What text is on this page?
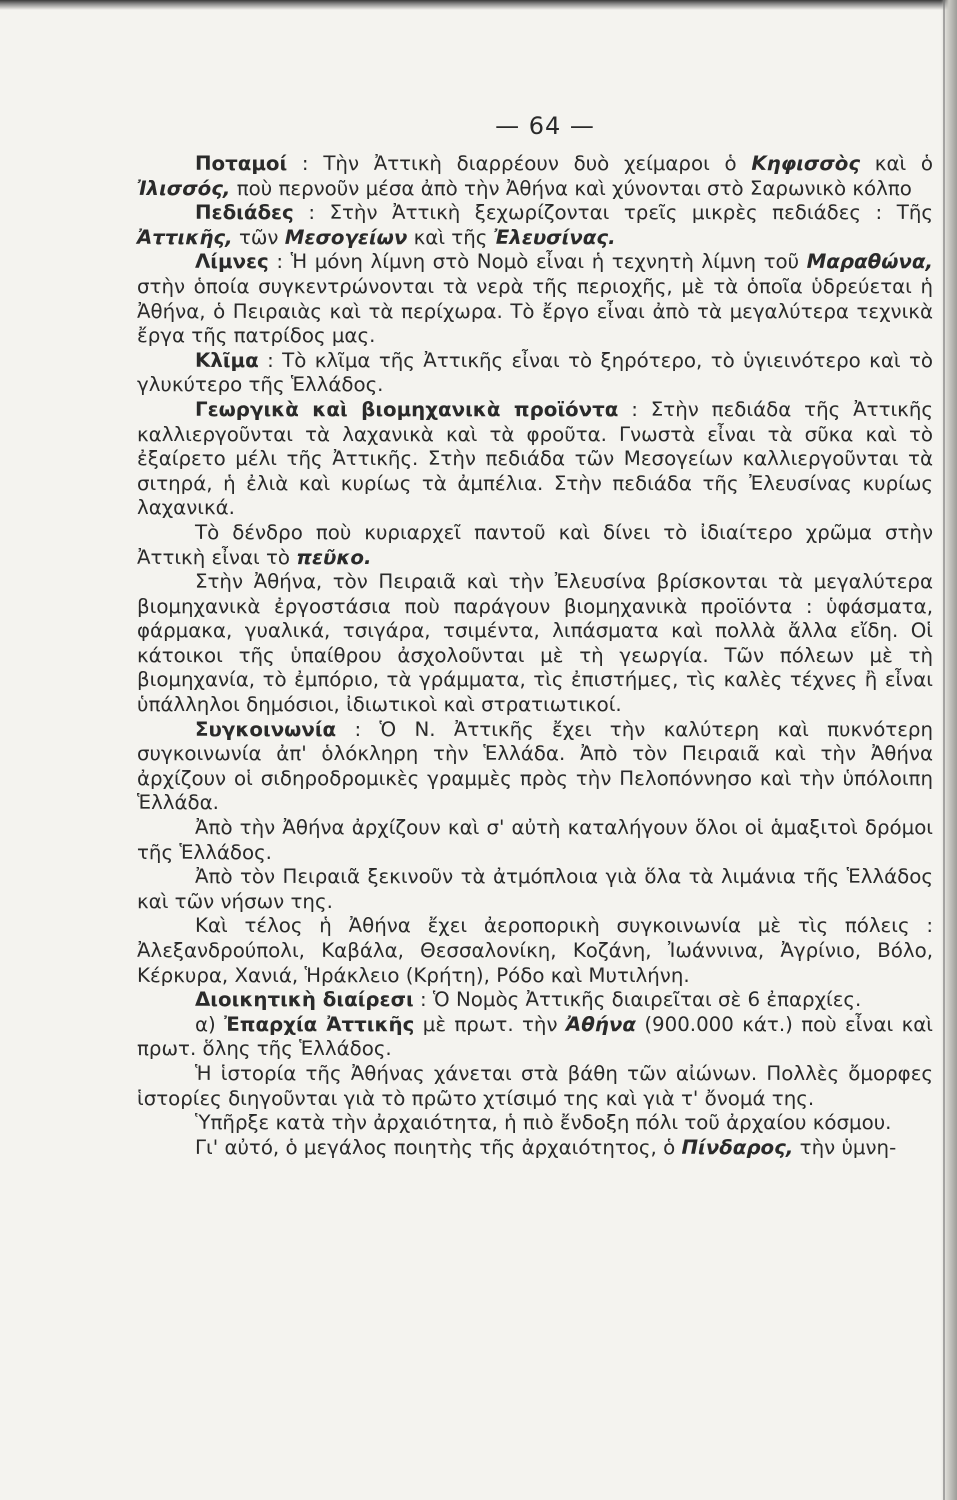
— 64 —

Ποταμοί : Τὴν Ἀττικὴ διαρρέουν δυὸ χείμαροι ὁ Κηφισσὸς καὶ ὁ Ἰλισσός, ποὺ περνοῦν μέσα ἀπὸ τὴν Ἀθήνα καὶ χύνονται στὸ Σαρωνικὸ κόλπο

Πεδιάδες : Στὴν Ἀττικὴ ξεχωρίζονται τρεῖς μικρὲς πεδιάδες : Τῆς Ἀττικῆς, τῶν Μεσογείων καὶ τῆς Ἐλευσίνας.

Λίμνες : Ἡ μόνη λίμνη στὸ Νομὸ εἶναι ἡ τεχνητὴ λίμνη τοῦ Μαραθώνα, στὴν ὁποία συγκεντρώνονται τὰ νερὰ τῆς περιοχῆς, μὲ τὰ ὁποῖα ὑδρεύεται ἡ Ἀθήνα, ὁ Πειραιὰς καὶ τὰ περίχωρα. Τὸ ἔργο εἶναι ἀπὸ τὰ μεγαλύτερα τεχνικὰ ἔργα τῆς πατρίδος μας.

Κλῖμα : Τὸ κλῖμα τῆς Ἀττικῆς εἶναι τὸ ξηρότερο, τὸ ὑγιεινότερο καὶ τὸ γλυκύτερο τῆς Ἑλλάδος.

Γεωργικὰ καὶ βιομηχανικὰ προϊόντα : Στὴν πεδιάδα τῆς Ἀττικῆς καλλιεργοῦνται τὰ λαχανικὰ καὶ τὰ φροῦτα. Γνωστὰ εἶναι τὰ σῦκα καὶ τὸ ἐξαίρετο μέλι τῆς Ἀττικῆς. Στὴν πεδιάδα τῶν Μεσογείων καλλιεργοῦνται τὰ σιτηρά, ἡ ἐλιὰ καὶ κυρίως τὰ ἀμπέλια. Στὴν πεδιάδα τῆς Ἐλευσίνας κυρίως λαχανικά.

Τὸ δένδρο ποὺ κυριαρχεῖ παντοῦ καὶ δίνει τὸ ἰδιαίτερο χρῶμα στὴν Ἀττικὴ εἶναι τὸ πεῦκο.

Στὴν Ἀθήνα, τὸν Πειραιᾶ καὶ τὴν Ἐλευσίνα βρίσκονται τὰ μεγαλύτερα βιομηχανικὰ ἐργοστάσια ποὺ παράγουν βιομηχανικὰ προϊόντα : ὑφάσματα, φάρμακα, γυαλικά, τσιγάρα, τσιμέντα, λιπάσματα καὶ πολλὰ ἄλλα εἴδη. Οἱ κάτοικοι τῆς ὑπαίθρου ἀσχολοῦνται μὲ τὴ γεωργία. Τῶν πόλεων μὲ τὴ βιομηχανία, τὸ ἐμπόριο, τὰ γράμματα, τὶς ἐπιστήμες, τὶς καλὲς τέχνες ἢ εἶναι ὑπάλληλοι δημόσιοι, ἰδιωτικοὶ καὶ στρατιωτικοί.

Συγκοινωνία : Ὁ Ν. Ἀττικῆς ἔχει τὴν καλύτερη καὶ πυκνότερη συγκοινωνία ἀπ' ὁλόκληρη τὴν Ἑλλάδα. Ἀπὸ τὸν Πειραιᾶ καὶ τὴν Ἀθήνα ἀρχίζουν οἱ σιδηροδρομικὲς γραμμὲς πρὸς τὴν Πελοπόννησο καὶ τὴν ὑπόλοιπη Ἑλλάδα.

Ἀπὸ τὴν Ἀθήνα ἀρχίζουν καὶ σ' αὐτὴ καταλήγουν ὅλοι οἱ ἁμαξιτοὶ δρόμοι τῆς Ἑλλάδος.

Ἀπὸ τὸν Πειραιᾶ ξεκινοῦν τὰ ἀτμόπλοια γιὰ ὅλα τὰ λιμάνια τῆς Ἑλλάδος καὶ τῶν νήσων της.

Καὶ τέλος ἡ Ἀθήνα ἔχει ἀεροπορικὴ συγκοινωνία μὲ τὶς πόλεις : Ἀλεξανδρούπολι, Καβάλα, Θεσσαλονίκη, Κοζάνη, Ἰωάννινα, Ἀγρίνιο, Βόλο, Κέρκυρα, Χανιά, Ἡράκλειο (Κρήτη), Ρόδο καὶ Μυτιλήνη.

Διοικητικὴ διαίρεσι : Ὁ Νομὸς Ἀττικῆς διαιρεῖται σὲ 6 ἐπαρχίες.

α) Ἐπαρχία Ἀττικῆς μὲ πρωτ. τὴν Ἀθήνα (900.000 κάτ.) ποὺ εἶναι καὶ πρωτ. ὅλης τῆς Ἑλλάδος.

Ἡ ἱστορία τῆς Ἀθήνας χάνεται στὰ βάθη τῶν αἰώνων. Πολλὲς ὄμορφες ἱστορίες διηγοῦνται γιὰ τὸ πρῶτο χτίσιμό της καὶ γιὰ τ' ὄνομά της.

Ὑπῆρξε κατὰ τὴν ἀρχαιότητα, ἡ πιὸ ἔνδοξη πόλι τοῦ ἀρχαίου κόσμου.

Γι' αὐτό, ὁ μεγάλος ποιητὴς τῆς ἀρχαιότητος, ὁ Πίνδαρος, τὴν ὑμνη-
